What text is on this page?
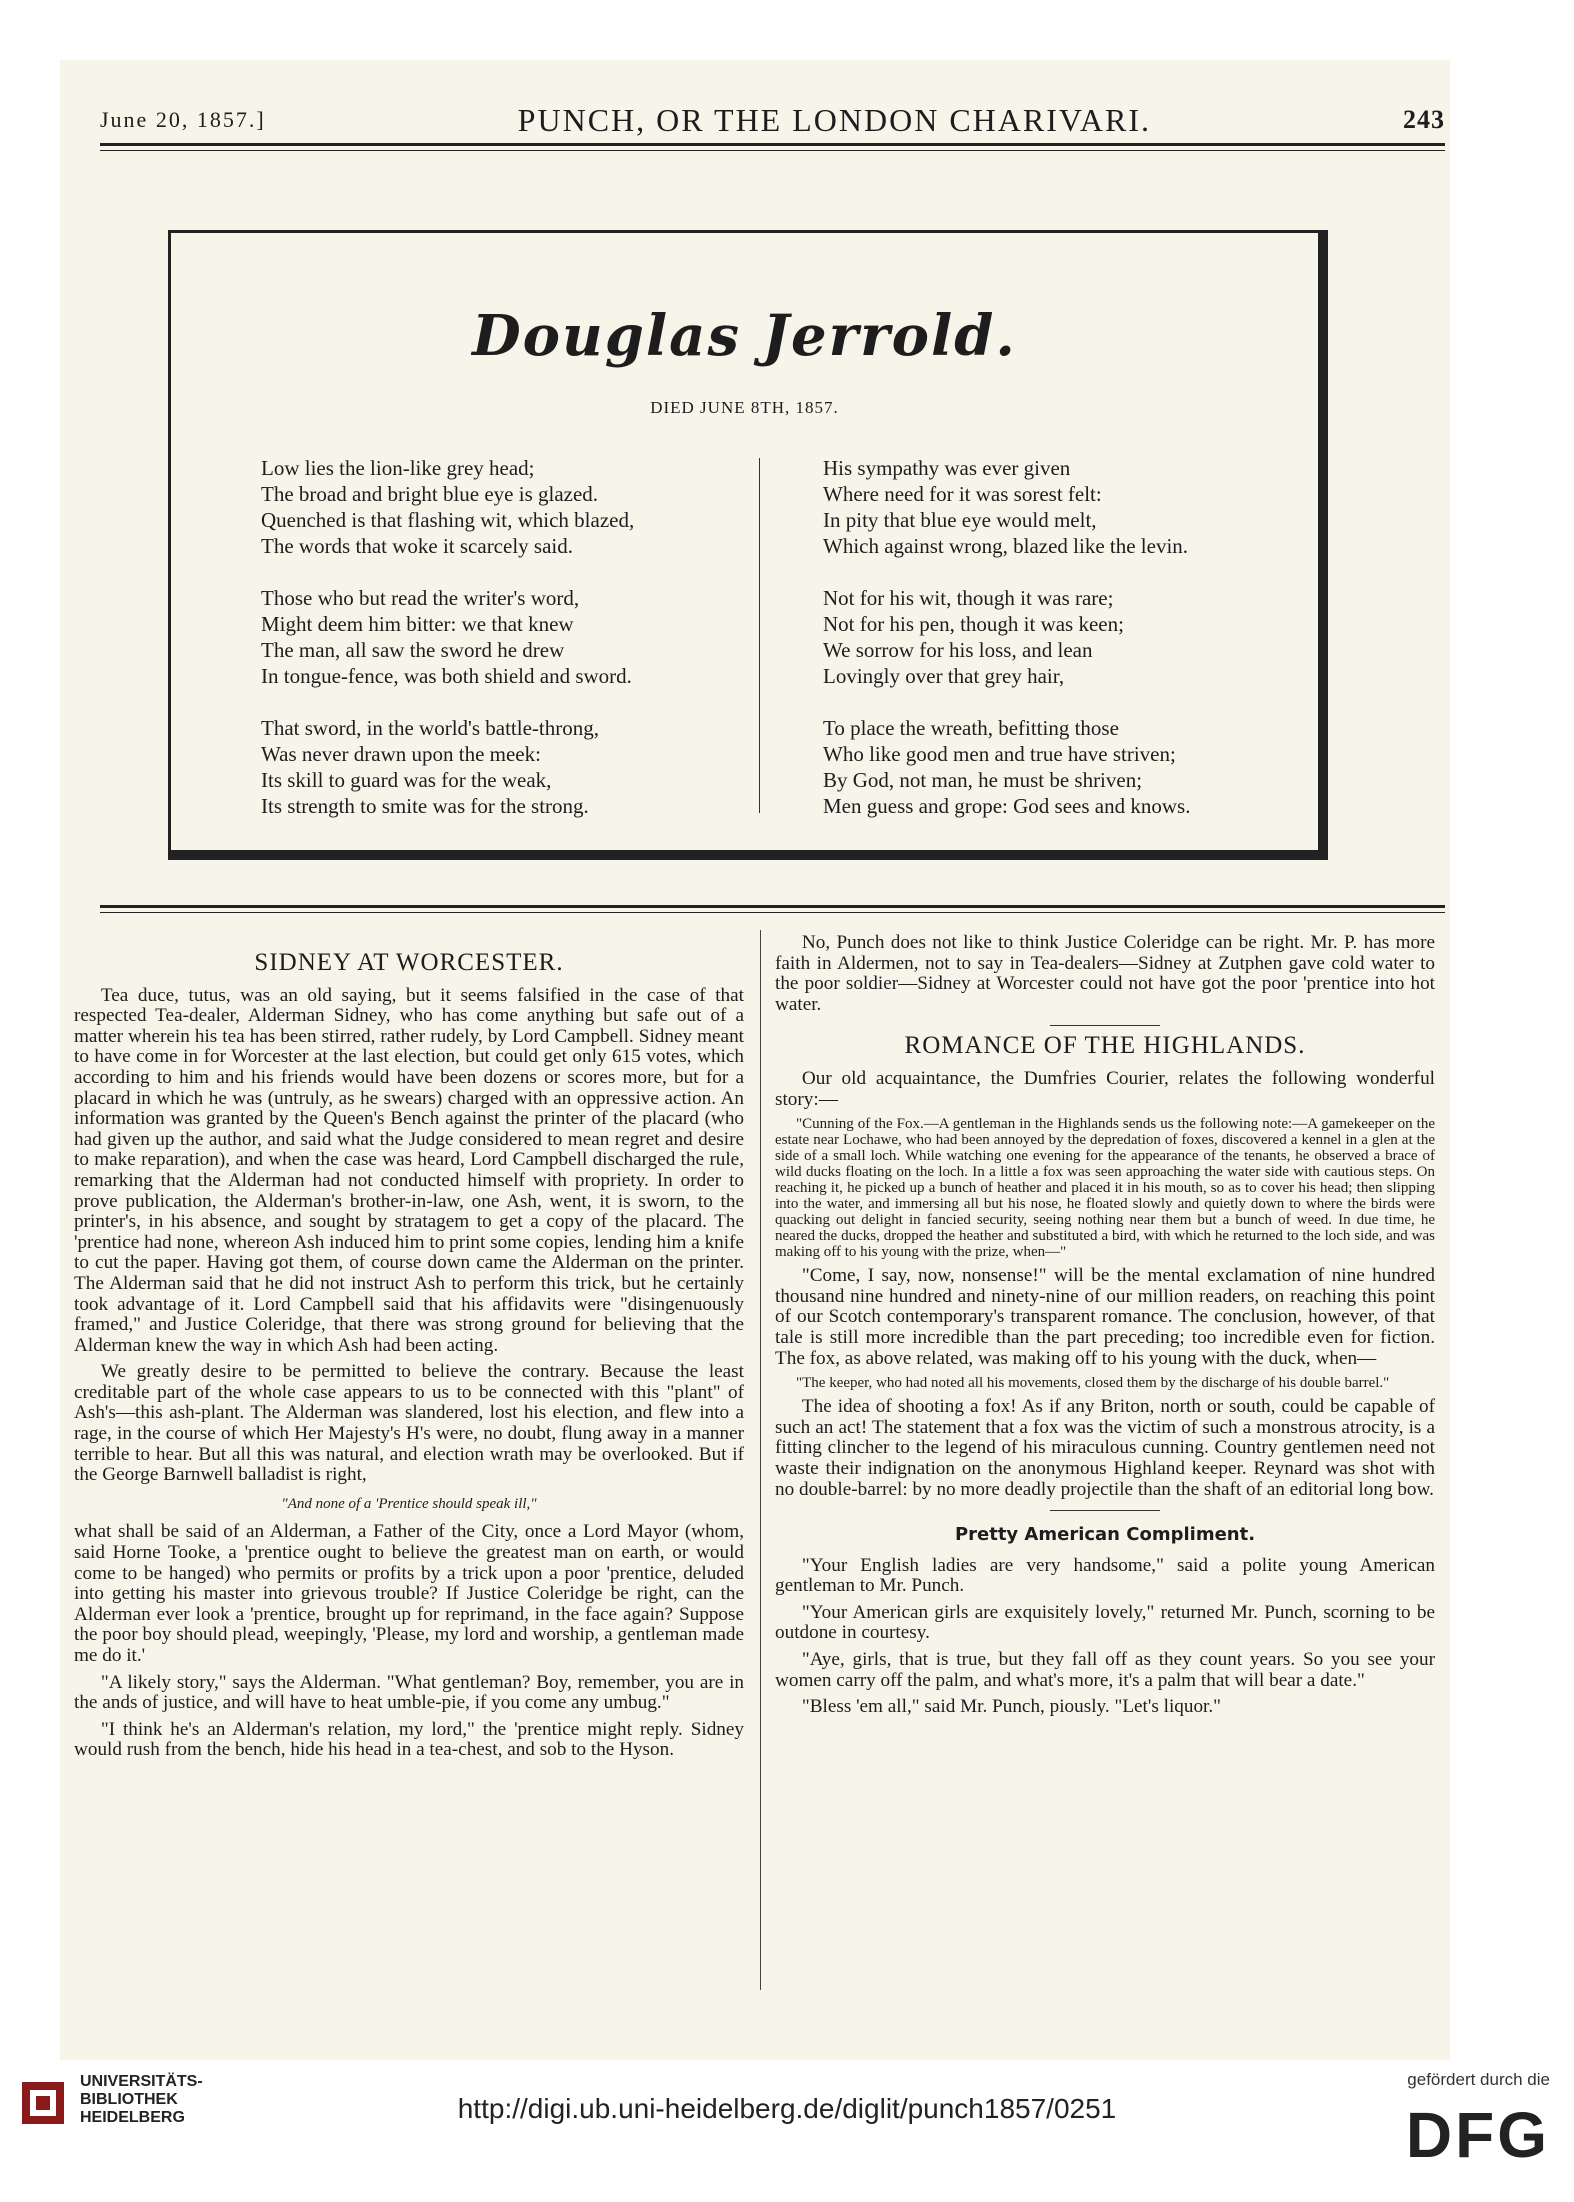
June 20, 1857.]	PUNCH, OR THE LONDON CHARIVARI.	243
Douglas Jerrold.
DIED JUNE 8TH, 1857.
Low lies the lion-like grey head;
The broad and bright blue eye is glazed.
Quenched is that flashing wit, which blazed,
The words that woke it scarcely said.
Those who but read the writer's word,
Might deem him bitter: we that knew
The man, all saw the sword he drew
In tongue-fence, was both shield and sword.
That sword, in the world's battle-throng,
Was never drawn upon the meek:
Its skill to guard was for the weak,
Its strength to smite was for the strong.
His sympathy was ever given
Where need for it was sorest felt:
In pity that blue eye would melt,
Which against wrong, blazed like the levin.
Not for his wit, though it was rare;
Not for his pen, though it was keen;
We sorrow for his loss, and lean
Lovingly over that grey hair,
To place the wreath, befitting those
Who like good men and true have striven;
By God, not man, he must be shriven;
Men guess and grope: God sees and knows.
SIDNEY AT WORCESTER.

Tea duce, tutus, was an old saying, but it seems falsified in the case of that respected Tea-dealer, Alderman Sidney, who has come anything but safe out of a matter wherein his tea has been stirred, rather rudely, by Lord Campbell. Sidney meant to have come in for Worcester at the last election, but could get only 615 votes, which according to him and his friends would have been dozens or scores more, but for a placard in which he was (untruly, as he swears) charged with an oppressive action. An information was granted by the Queen's Bench against the printer of the placard (who had given up the author, and said what the Judge considered to mean regret and desire to make reparation), and when the case was heard, Lord Campbell discharged the rule, remarking that the Alderman had not conducted himself with propriety. In order to prove publication, the Alderman's brother-in-law, one Ash, went, it is sworn, to the printer's, in his absence, and sought by stratagem to get a copy of the placard. The 'prentice had none, whereon Ash induced him to print some copies, lending him a knife to cut the paper. Having got them, of course down came the Alderman on the printer. The Alderman said that he did not instruct Ash to perform this trick, but he certainly took advantage of it. Lord Campbell said that his affidavits were "disingenuously framed," and Justice Coleridge, that there was strong ground for believing that the Alderman knew the way in which Ash had been acting.

We greatly desire to be permitted to believe the contrary. Because the least creditable part of the whole case appears to us to be connected with this "plant" of Ash's—this ash-plant. The Alderman was slandered, lost his election, and flew into a rage, in the course of which Her Majesty's H's were, no doubt, flung away in a manner terrible to hear. But all this was natural, and election wrath may be overlooked. But if the George Barnwell balladist is right,

"And none of a 'Prentice should speak ill,"

what shall be said of an Alderman, a Father of the City, once a Lord Mayor (whom, said Horne Tooke, a 'prentice ought to believe the greatest man on earth, or would come to be hanged) who permits or profits by a trick upon a poor 'prentice, deluded into getting his master into grievous trouble? If Justice Coleridge be right, can the Alderman ever look a 'prentice, brought up for reprimand, in the face again? Suppose the poor boy should plead, weepingly, 'Please, my lord and worship, a gentleman made me do it.'

"A likely story," says the Alderman. "What gentleman? Boy, remember, you are in the ands of justice, and will have to heat umble-pie, if you come any umbug."

"I think he's an Alderman's relation, my lord," the 'prentice might reply. Sidney would rush from the bench, hide his head in a tea-chest, and sob to the Hyson.

No, Punch does not like to think Justice Coleridge can be right. Mr. P. has more faith in Aldermen, not to say in Tea-dealers—Sidney at Zutphen gave cold water to the poor soldier—Sidney at Worcester could not have got the poor 'prentice into hot water.

ROMANCE OF THE HIGHLANDS.

Our old acquaintance, the Dumfries Courier, relates the following wonderful story:—

"Cunning of the Fox.—A gentleman in the Highlands sends us the following note:—A gamekeeper on the estate near Lochawe, who had been annoyed by the depredation of foxes, discovered a kennel in a glen at the side of a small loch. While watching one evening for the appearance of the tenants, he observed a brace of wild ducks floating on the loch. In a little a fox was seen approaching the water side with cautious steps. On reaching it, he picked up a bunch of heather and placed it in his mouth, so as to cover his head; then slipping into the water, and immersing all but his nose, he floated slowly and quietly down to where the birds were quacking out delight in fancied security, seeing nothing near them but a bunch of weed. In due time, he neared the ducks, dropped the heather and substituted a bird, with which he returned to the loch side, and was making off to his young with the prize, when—"

"Come, I say, now, nonsense!" will be the mental exclamation of nine hundred thousand nine hundred and ninety-nine of our million readers, on reaching this point of our Scotch contemporary's transparent romance. The conclusion, however, of that tale is still more incredible than the part preceding; too incredible even for fiction. The fox, as above related, was making off to his young with the duck, when—

"The keeper, who had noted all his movements, closed them by the discharge of his double barrel."

The idea of shooting a fox! As if any Briton, north or south, could be capable of such an act! The statement that a fox was the victim of such a monstrous atrocity, is a fitting clincher to the legend of his miraculous cunning. Country gentlemen need not waste their indignation on the anonymous Highland keeper. Reynard was shot with no double-barrel: by no more deadly projectile than the shaft of an editorial long bow.

Pretty American Compliment.

"Your English ladies are very handsome," said a polite young American gentleman to Mr. Punch.

"Your American girls are exquisitely lovely," returned Mr. Punch, scorning to be outdone in courtesy.

"Aye, girls, that is true, but they fall off as they count years. So you see your women carry off the palm, and what's more, it's a palm that will bear a date."

"Bless 'em all," said Mr. Punch, piously. "Let's liquor."

UNIVERSITÄTS-
BIBLIOTHEK
HEIDELBERG	http://digi.ub.uni-heidelberg.de/diglit/punch1857/0251
gefördert durch die
DFG
